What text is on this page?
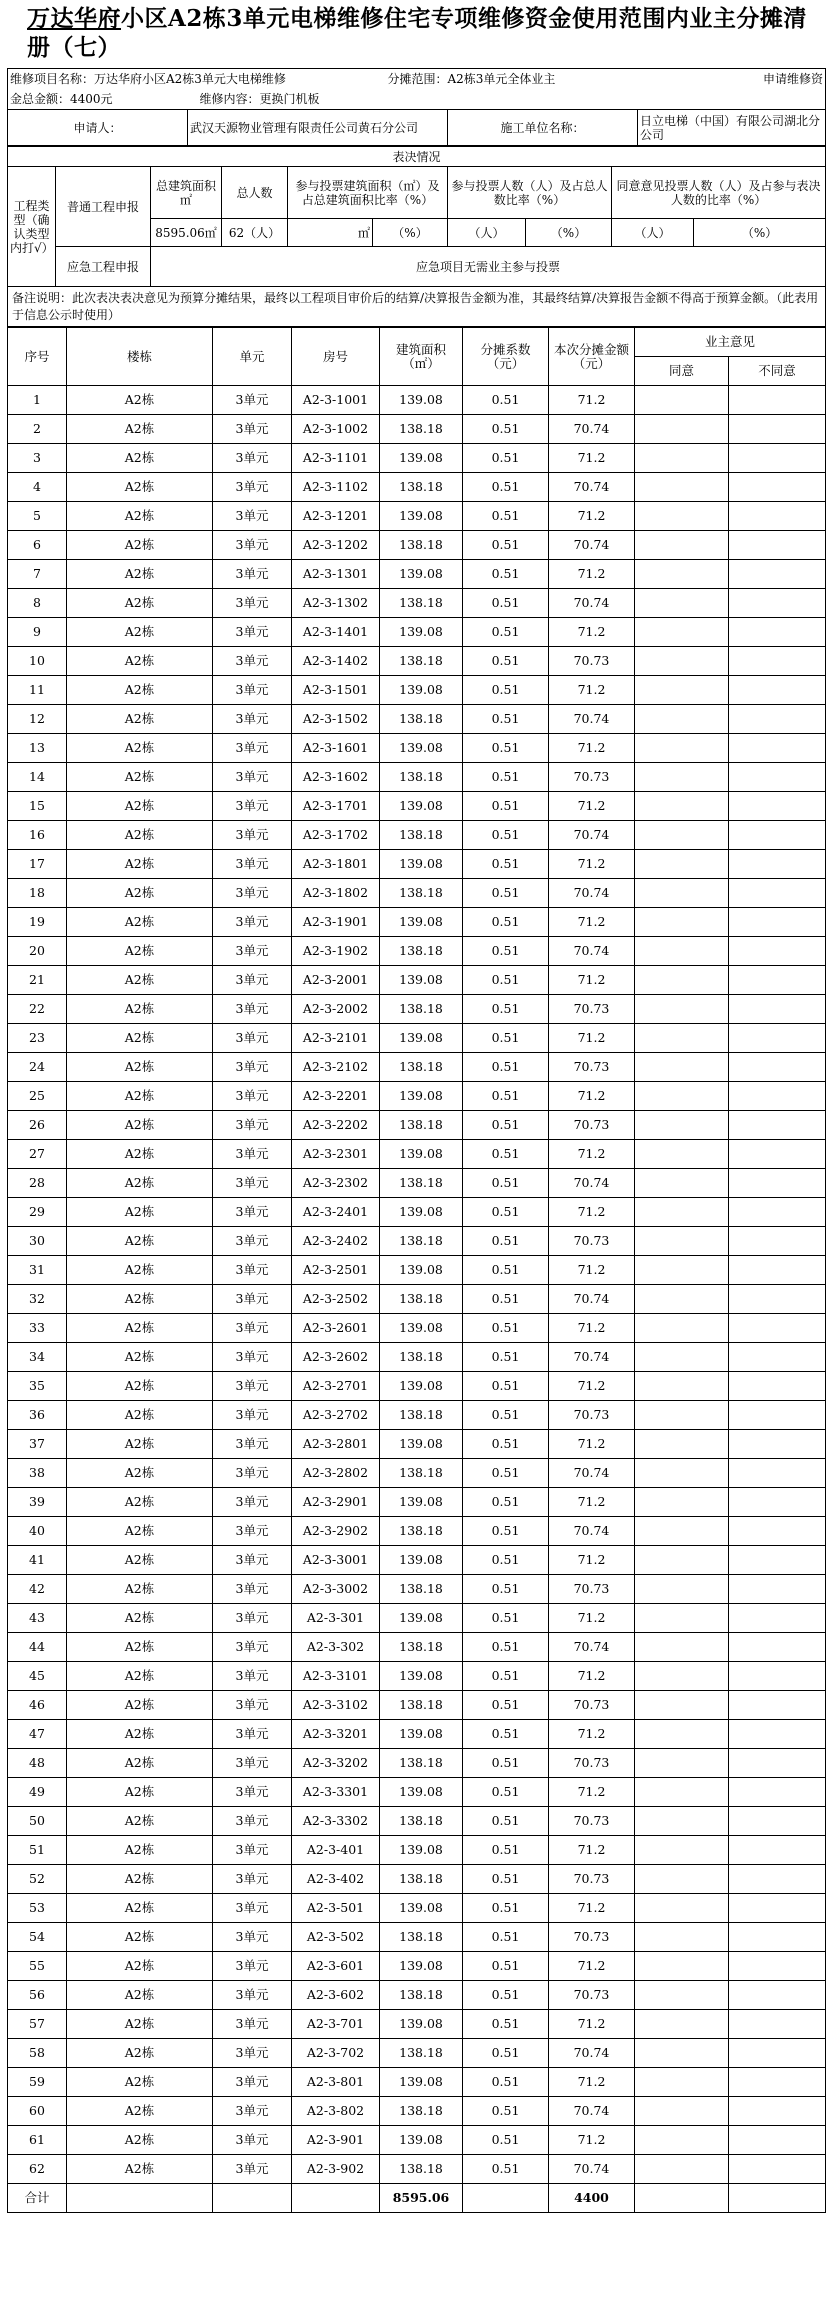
万达华府小区A2栋3单元电梯维修住宅专项维修资金使用范围内业主分摊清册（七）
维修项目名称：万达华府小区A2栋3单元大电梯维修		分摊范围：A2栋3单元全体业主		申请维修资
金总金额：4400元	维修内容：更换门机板			
申请人：	武汉天源物业管理有限责任公司黄石分公司		施工单位名称：	日立电梯（中国）有限公司湖北分公司
表决情况									
工程类型（确认类型内打√）	普通工程申报	总建筑面积㎡	总人数	参与投票建筑面积（㎡）及占总建筑面积比率（%）		参与投票人数（人）及占总人数比率（%）		同意意见投票人数（人）及占参与表决人数的比率（%）	
		8595.06㎡	62（人）	㎡	（%）	（人）	（%）	（人）	（%）
	应急工程申报	应急项目无需业主参与投票							
备注说明：此次表决表决意见为预算分摊结果，最终以工程项目审价后的结算/决算报告金额为准，其最终结算/决算报告金额不得高于预算金额。（此表用于信息公示时使用）									
序号	楼栋	单元	房号	建筑面积（㎡）	分摊系数（元）	本次分摊金额（元）	业主意见	
							同意	不同意
1	A2栋	3单元	A2-3-1001	139.08	0.51	71.2		
2	A2栋	3单元	A2-3-1002	138.18	0.51	70.74		
3	A2栋	3单元	A2-3-1101	139.08	0.51	71.2		
4	A2栋	3单元	A2-3-1102	138.18	0.51	70.74		
5	A2栋	3单元	A2-3-1201	139.08	0.51	71.2		
6	A2栋	3单元	A2-3-1202	138.18	0.51	70.74		
7	A2栋	3单元	A2-3-1301	139.08	0.51	71.2		
8	A2栋	3单元	A2-3-1302	138.18	0.51	70.74		
9	A2栋	3单元	A2-3-1401	139.08	0.51	71.2		
10	A2栋	3单元	A2-3-1402	138.18	0.51	70.73		
11	A2栋	3单元	A2-3-1501	139.08	0.51	71.2		
12	A2栋	3单元	A2-3-1502	138.18	0.51	70.74		
13	A2栋	3单元	A2-3-1601	139.08	0.51	71.2		
14	A2栋	3单元	A2-3-1602	138.18	0.51	70.73		
15	A2栋	3单元	A2-3-1701	139.08	0.51	71.2		
16	A2栋	3单元	A2-3-1702	138.18	0.51	70.74		
17	A2栋	3单元	A2-3-1801	139.08	0.51	71.2		
18	A2栋	3单元	A2-3-1802	138.18	0.51	70.74		
19	A2栋	3单元	A2-3-1901	139.08	0.51	71.2		
20	A2栋	3单元	A2-3-1902	138.18	0.51	70.74		
21	A2栋	3单元	A2-3-2001	139.08	0.51	71.2		
22	A2栋	3单元	A2-3-2002	138.18	0.51	70.73		
23	A2栋	3单元	A2-3-2101	139.08	0.51	71.2		
24	A2栋	3单元	A2-3-2102	138.18	0.51	70.73		
25	A2栋	3单元	A2-3-2201	139.08	0.51	71.2		
26	A2栋	3单元	A2-3-2202	138.18	0.51	70.73		
27	A2栋	3单元	A2-3-2301	139.08	0.51	71.2		
28	A2栋	3单元	A2-3-2302	138.18	0.51	70.74		
29	A2栋	3单元	A2-3-2401	139.08	0.51	71.2		
30	A2栋	3单元	A2-3-2402	138.18	0.51	70.73		
31	A2栋	3单元	A2-3-2501	139.08	0.51	71.2		
32	A2栋	3单元	A2-3-2502	138.18	0.51	70.74		
33	A2栋	3单元	A2-3-2601	139.08	0.51	71.2		
34	A2栋	3单元	A2-3-2602	138.18	0.51	70.74		
35	A2栋	3单元	A2-3-2701	139.08	0.51	71.2		
36	A2栋	3单元	A2-3-2702	138.18	0.51	70.73		
37	A2栋	3单元	A2-3-2801	139.08	0.51	71.2		
38	A2栋	3单元	A2-3-2802	138.18	0.51	70.74		
39	A2栋	3单元	A2-3-2901	139.08	0.51	71.2		
40	A2栋	3单元	A2-3-2902	138.18	0.51	70.74		
41	A2栋	3单元	A2-3-3001	139.08	0.51	71.2		
42	A2栋	3单元	A2-3-3002	138.18	0.51	70.73		
43	A2栋	3单元	A2-3-301	139.08	0.51	71.2		
44	A2栋	3单元	A2-3-302	138.18	0.51	70.74		
45	A2栋	3单元	A2-3-3101	139.08	0.51	71.2		
46	A2栋	3单元	A2-3-3102	138.18	0.51	70.73		
47	A2栋	3单元	A2-3-3201	139.08	0.51	71.2		
48	A2栋	3单元	A2-3-3202	138.18	0.51	70.73		
49	A2栋	3单元	A2-3-3301	139.08	0.51	71.2		
50	A2栋	3单元	A2-3-3302	138.18	0.51	70.73		
51	A2栋	3单元	A2-3-401	139.08	0.51	71.2		
52	A2栋	3单元	A2-3-402	138.18	0.51	70.73		
53	A2栋	3单元	A2-3-501	139.08	0.51	71.2		
54	A2栋	3单元	A2-3-502	138.18	0.51	70.73		
55	A2栋	3单元	A2-3-601	139.08	0.51	71.2		
56	A2栋	3单元	A2-3-602	138.18	0.51	70.73		
57	A2栋	3单元	A2-3-701	139.08	0.51	71.2		
58	A2栋	3单元	A2-3-702	138.18	0.51	70.74		
59	A2栋	3单元	A2-3-801	139.08	0.51	71.2		
60	A2栋	3单元	A2-3-802	138.18	0.51	70.74		
61	A2栋	3单元	A2-3-901	139.08	0.51	71.2		
62	A2栋	3单元	A2-3-902	138.18	0.51	70.74		
合计				8595.06		4400		
